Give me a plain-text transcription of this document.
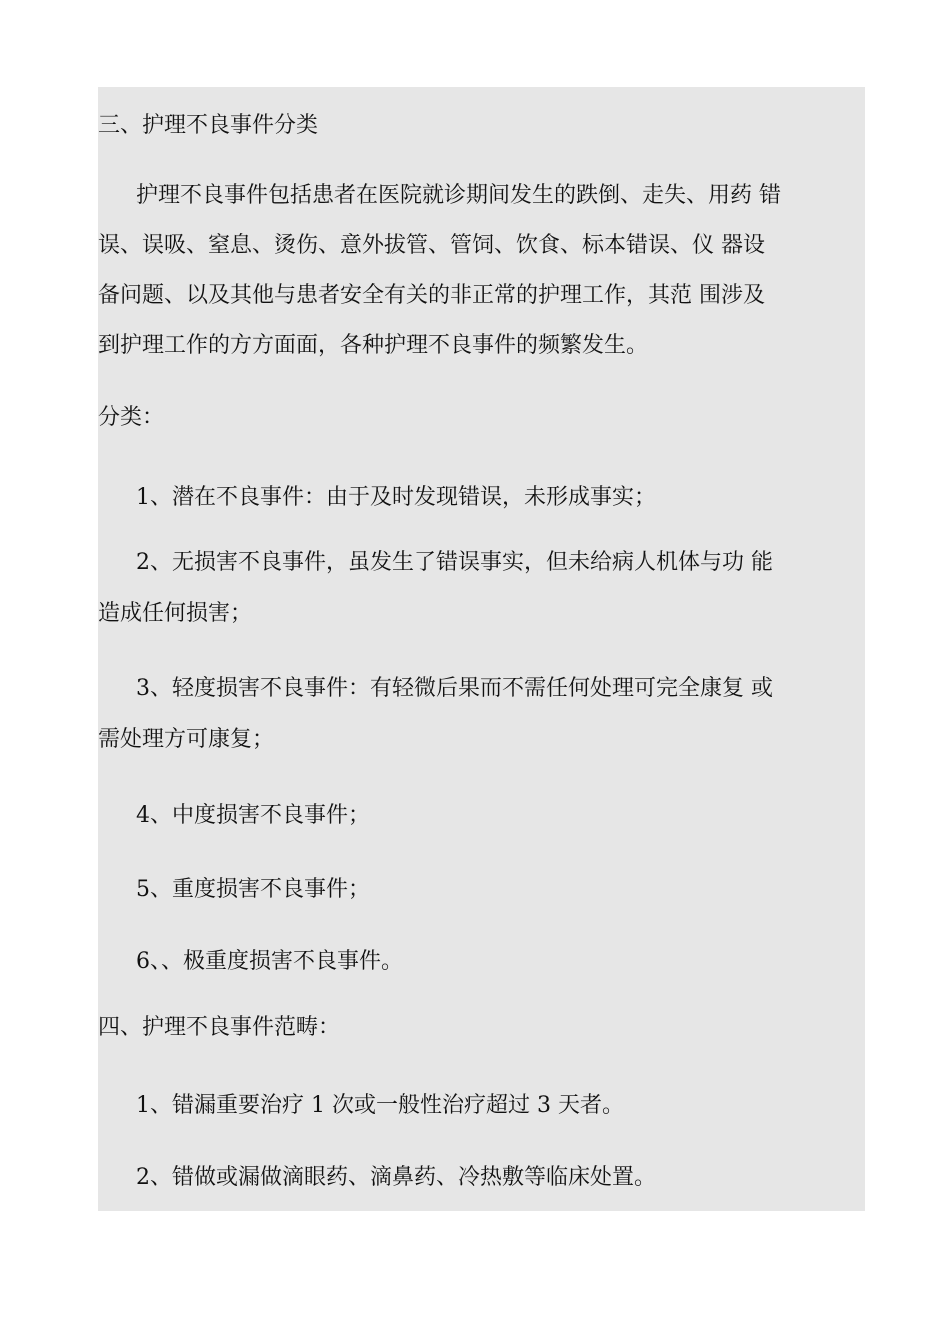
三、护理不良事件分类
护理不良事件包括患者在医院就诊期间发生的跌倒、走失、用药 错
误、误吸、窒息、烫伤、意外拔管、管饲、饮食、标本错误、仪 器设
备问题、以及其他与患者安全有关的非正常的护理工作，其范 围涉及
到护理工作的方方面面，各种护理不良事件的频繁发生。
分类：
1、潜在不良事件：由于及时发现错误，未形成事实；
2、无损害不良事件，虽发生了错误事实，但未给病人机体与功 能
造成任何损害；
3、轻度损害不良事件：有轻微后果而不需任何处理可完全康复 或
需处理方可康复；
4、中度损害不良事件；
5、重度损害不良事件；
6、、极重度损害不良事件。
四、护理不良事件范畴：
1、错漏重要治疗 1 次或一般性治疗超过 3 天者。
2、错做或漏做滴眼药、滴鼻药、冷热敷等临床处置。
